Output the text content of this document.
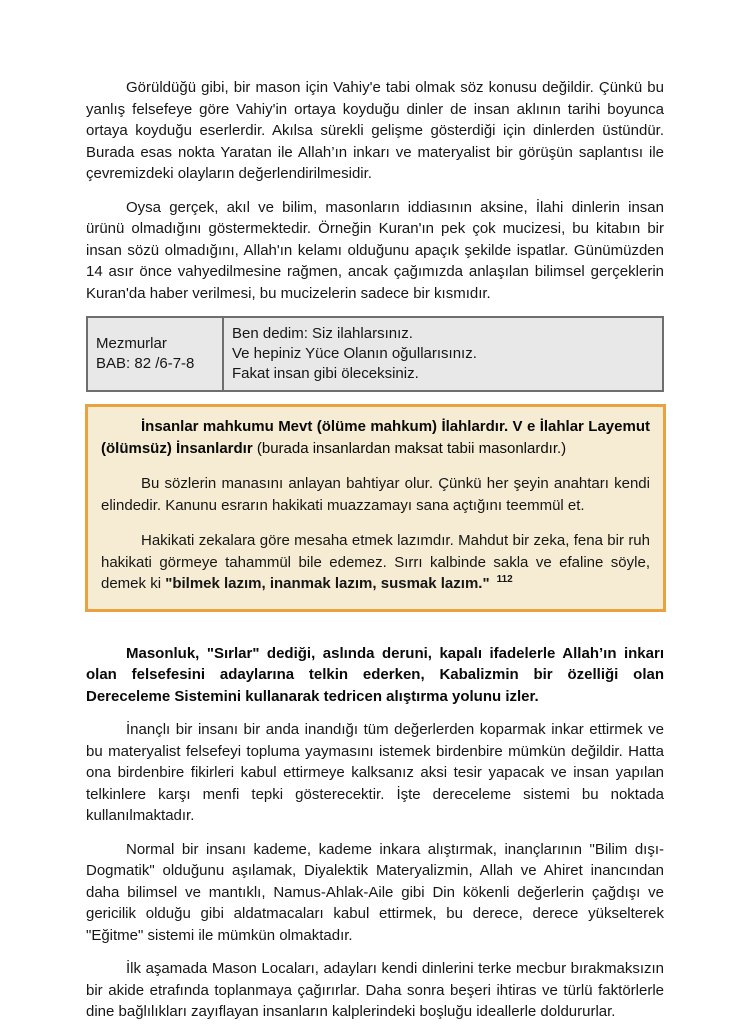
Görüldüğü gibi, bir mason için Vahiy'e tabi olmak söz konusu değildir. Çünkü bu yanlış felsefeye göre Vahiy'in ortaya koyduğu dinler de insan aklının tarihi boyunca ortaya koyduğu eserlerdir. Akılsa sürekli gelişme gösterdiği için dinlerden üstündür. Burada esas nokta Yaratan ile Allah’ın inkarı ve materyalist bir görüşün saplantısı ile çevremizdeki olayların değerlendirilmesidir.

Oysa gerçek, akıl ve bilim, masonların iddiasının aksine, İlahi dinlerin insan ürünü olmadığını göstermektedir. Örneğin Kuran'ın pek çok mucizesi, bu kitabın bir insan sözü olmadığını, Allah'ın kelamı olduğunu apaçık şekilde ispatlar. Günümüzden 14 asır önce vahyedilmesine rağmen, ancak çağımızda anlaşılan bilimsel gerçeklerin Kuran'da haber verilmesi, bu mucizelerin sadece bir kısmıdır.

Mezmurlar
BAB: 82 /6-7-8

Ben dedim: Siz ilahlarsınız.
Ve hepiniz Yüce Olanın oğullarısınız.
Fakat insan gibi öleceksiniz.

İnsanlar mahkumu Mevt (ölüme mahkum) İlahlardır. V e İlahlar Layemut (ölümsüz) İnsanlardır (burada insanlardan maksat tabii masonlardır.)

Bu sözlerin manasını anlayan bahtiyar olur. Çünkü her şeyin anahtarı kendi elindedir. Kanunu esrarın hakikati muazzamayı sana açtığını teemmül et.

Hakikati zekalara göre mesaha etmek lazımdır. Mahdut bir zeka, fena bir ruh hakikati görmeye tahammül bile edemez. Sırrı kalbinde sakla ve efaline söyle, demek ki "bilmek lazım, inanmak lazım, susmak lazım." $^{112}$

Masonluk, "Sırlar" dediği, aslında deruni, kapalı ifadelerle Allah’ın inkarı olan felsefesini adaylarına telkin ederken, Kabalizmin bir özelliği olan Dereceleme Sistemini kullanarak tedricen alıştırma yolunu izler.

İnançlı bir insanı bir anda inandığı tüm değerlerden koparmak inkar ettirmek ve bu materyalist felsefeyi topluma yaymasını istemek birdenbire mümkün değildir. Hatta ona birdenbire fikirleri kabul ettirmeye kalksanız aksi tesir yapacak ve insan yapılan telkinlere karşı menfi tepki gösterecektir. İşte dereceleme sistemi bu noktada kullanılmaktadır.

Normal bir insanı kademe, kademe inkara alıştırmak, inançlarının "Bilim dışı-Dogmatik" olduğunu aşılamak, Diyalektik Materyalizmin, Allah ve Ahiret inancından daha bilimsel ve mantıklı, Namus-Ahlak-Aile gibi Din kökenli değerlerin çağdışı ve gericilik olduğu gibi aldatmacaları kabul ettirmek, bu derece, derece yükselterek "Eğitme" sistemi ile mümkün olmaktadır.

İlk aşamada Mason Locaları, adayları kendi dinlerini terke mecbur bırakmaksızın bir akide etrafında toplanmaya çağırırlar. Daha sonra beşeri ihtiras ve türlü faktörlerle dine bağlılıkları zayıflayan insanların kalplerindeki boşluğu ideallerle doldururlar.
